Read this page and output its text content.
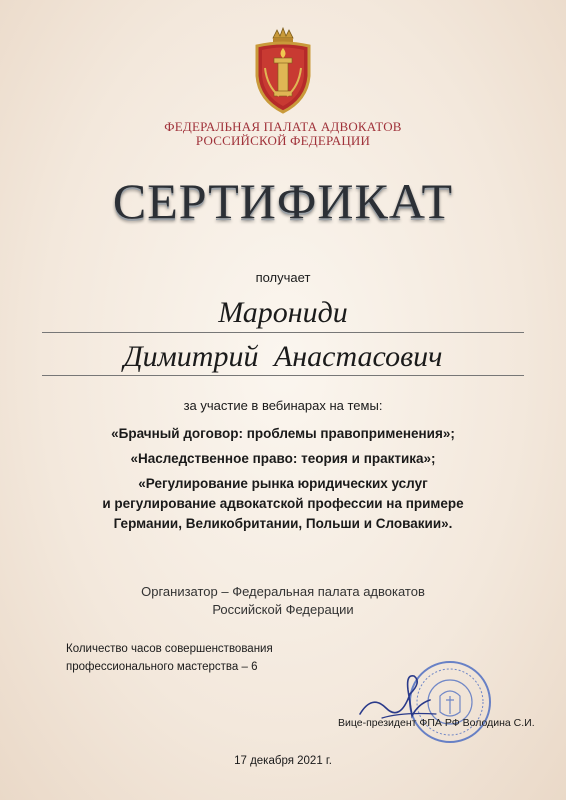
ФЕДЕРАЛЬНАЯ ПАЛАТА АДВОКАТОВ
РОССИЙСКОЙ ФЕДЕРАЦИИ
СЕРТИФИКАТ
получает
Марониди
Димитрий Анастасович
за участие в вебинарах на темы:
«Брачный договор: проблемы правоприменения»;
«Наследственное право: теория и практика»;
«Регулирование рынка юридических услуг
и регулирование адвокатской профессии на примере
Германии, Великобритании, Польши и Словакии».
Организатор – Федеральная палата адвокатов
Российской Федерации
Количество часов совершенствования
профессионального мастерства – 6
Вице-президент ФПА РФ Володина С.И.
17 декабря 2021 г.
